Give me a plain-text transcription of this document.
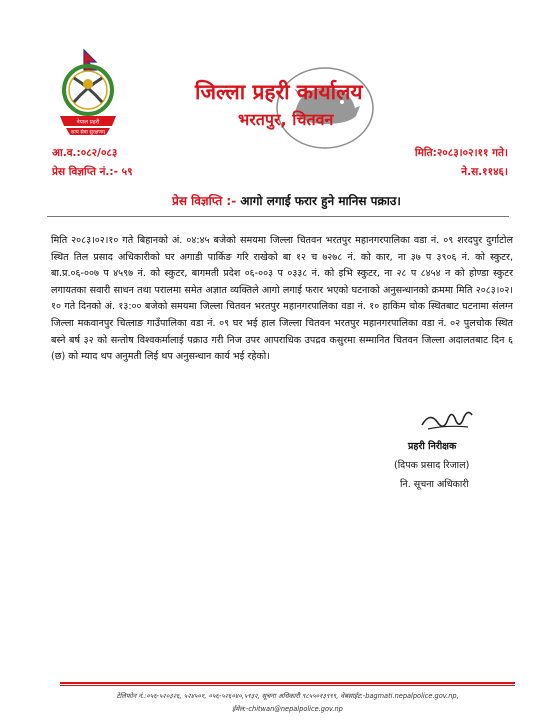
नेपाल प्रहरी
सत्य सेवा सुरक्षणम्
जिल्ला प्रहरी कार्यालय
भरतपुर, चितवन
आ.व.:०८२/०८३	मिति:२०८३।०२।११ गते।
प्रेस विज्ञप्ति नं.:- ५९	ने.स.११४६।
प्रेस विज्ञप्ति :- आगो लगाई फरार हुने मानिस पक्राउ।
मिति २०८३।०२।१० गते बिहानको अं. ०४:४५ बजेको समयमा जिल्ला चितवन भरतपुर महानगरपालिका वडा नं. ०९ शरदपुर दुर्गाटोल स्थित तिल प्रसाद अधिकारीको घर अगाडी पार्किङ गरि राखेको बा १२ च ७२७८ नं. को कार, ना ३७ प ३९०६ नं. को स्कुटर, बा.प्र.०६-००७ प ४५९७ नं. को स्कुटर, बागमती प्रदेश ०६-००३ प ०३३८ नं. को इभि स्कुटर, ना २८ प ८४५४ न को होण्डा स्कुटर लगायतका सवारी साधन तथा परालमा समेत अज्ञात व्यक्तिले आगो लगाई फरार भएको घटनाको अनुसन्धानको क्रममा मिति २०८३।०२।१० गते दिनको अं. १३:०० बजेको समयमा जिल्ला चितवन भरतपुर महानगरपालिका वडा नं. १० हाकिम चोक स्थितबाट घटनामा संलग्न जिल्ला मकवानपुर चित्लाङ गाउँपालिका वडा नं. ०९ घर भई हाल जिल्ला चितवन भरतपुर महानगरपालिका वडा नं. ०२ पुलचोक स्थित बस्ने बर्ष ३२ को सन्तोष विश्वकर्मालाई पक्राउ गरी निज उपर आपराधिक उपद्रव कसुरमा सम्मानित चितवन जिल्ला अदालतबाट दिन ६ (छ) को म्याद थप अनुमती लिई थप अनुसन्धान कार्य भई रहेको।
प्रहरी निरीक्षक
(दिपक प्रसाद रिजाल)
नि. सूचना अधिकारी
टेलिफोन नं.:०५६-५२०३२६, ५२४५०१, ०५६-५२६०४०,५९३२, सूचना अधिकारी ९८५५०१३९९९, वेबसाईट:-bagmati.nepalpolice.gov.np,
ईमेल:-chitwan@nepalpolice.gov.np
